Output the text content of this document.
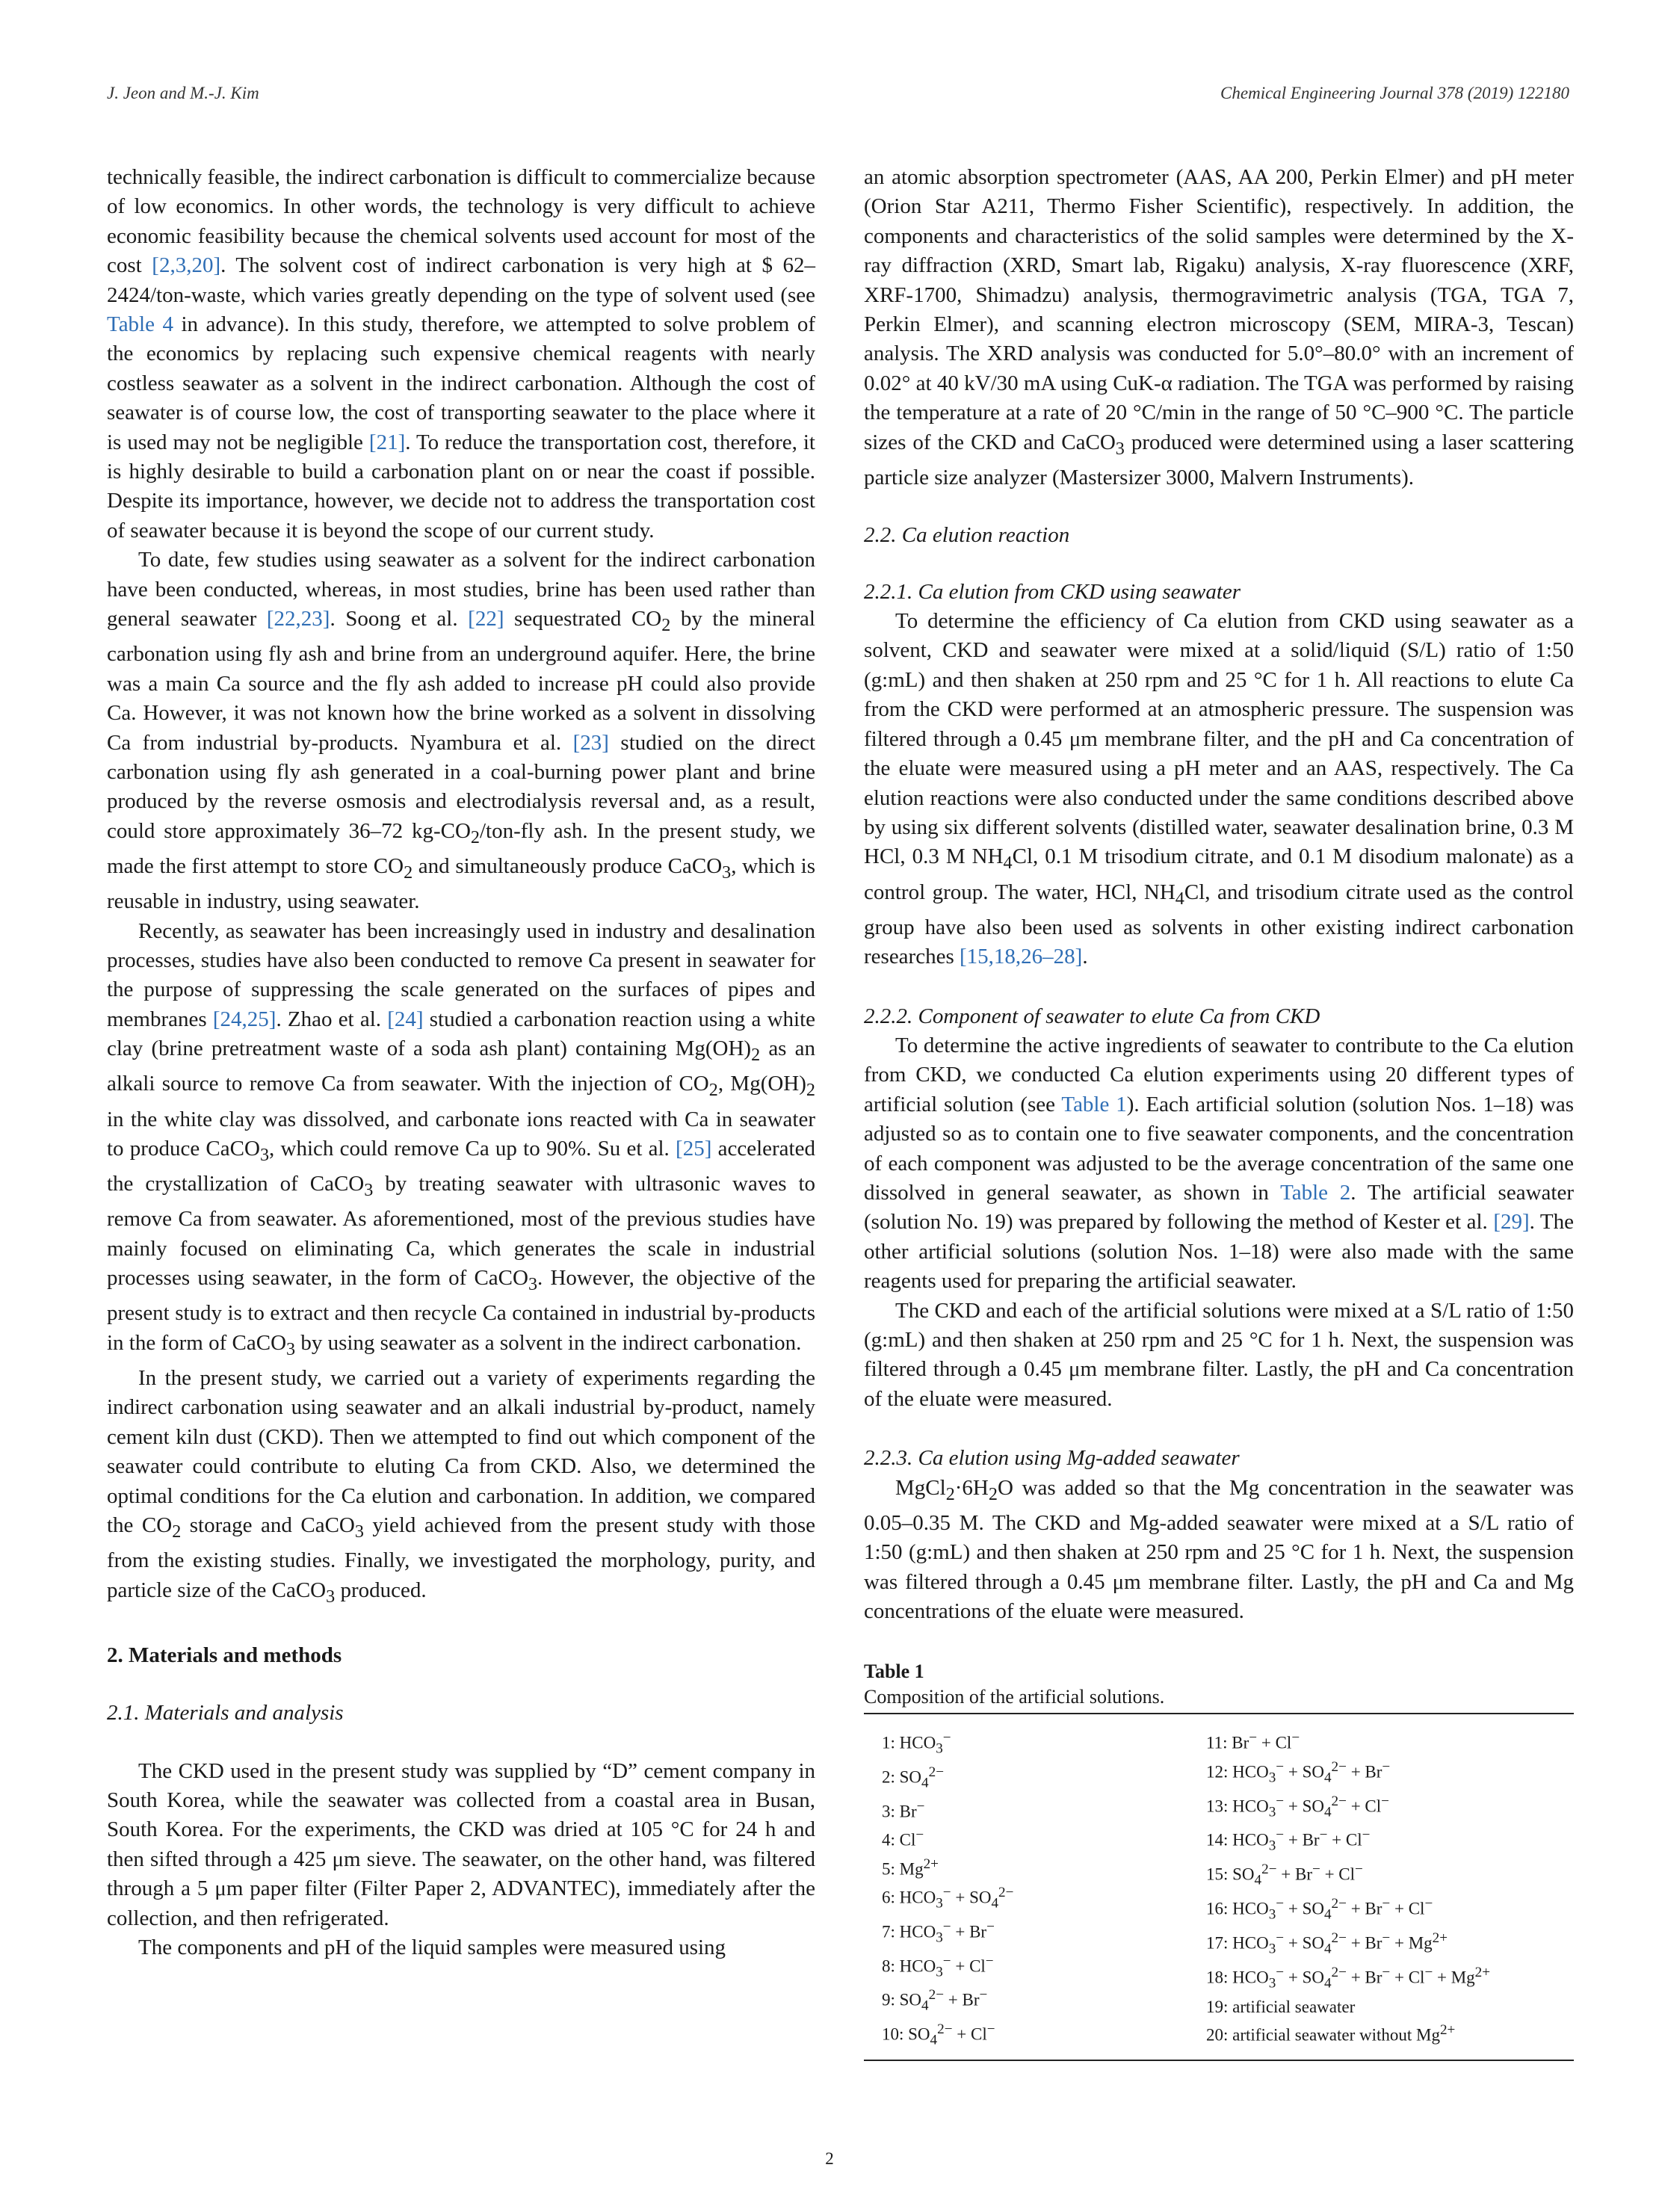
J. Jeon and M.-J. Kim	Chemical Engineering Journal 378 (2019) 122180

technically feasible, the indirect carbonation is difficult to commercialize because of low economics. In other words, the technology is very difficult to achieve economic feasibility because the chemical solvents used account for most of the cost [2,3,20]. The solvent cost of indirect carbonation is very high at $ 62–2424/ton-waste, which varies greatly depending on the type of solvent used (see Table 4 in advance). In this study, therefore, we attempted to solve problem of the economics by replacing such expensive chemical reagents with nearly costless seawater as a solvent in the indirect carbonation. Although the cost of seawater is of course low, the cost of transporting seawater to the place where it is used may not be negligible [21]. To reduce the transportation cost, therefore, it is highly desirable to build a carbonation plant on or near the coast if possible. Despite its importance, however, we decide not to address the transportation cost of seawater because it is beyond the scope of our current study.

To date, few studies using seawater as a solvent for the indirect carbonation have been conducted, whereas, in most studies, brine has been used rather than general seawater [22,23]. Soong et al. [22] sequestrated $CO_2$ by the mineral carbonation using fly ash and brine from an underground aquifer. Here, the brine was a main Ca source and the fly ash added to increase pH could also provide Ca. However, it was not known how the brine worked as a solvent in dissolving Ca from industrial by-products. Nyambura et al. [23] studied on the direct carbonation using fly ash generated in a coal-burning power plant and brine produced by the reverse osmosis and electrodialysis reversal and, as a result, could store approximately 36–72 $kg-CO_2/ton$-fly ash. In the present study, we made the first attempt to store $CO_2$ and simultaneously produce CaCO$_3$, which is reusable in industry, using seawater.

Recently, as seawater has been increasingly used in industry and desalination processes, studies have also been conducted to remove Ca present in seawater for the purpose of suppressing the scale generated on the surfaces of pipes and membranes [24,25]. Zhao et al. [24] studied a carbonation reaction using a white clay (brine pretreatment waste of a soda ash plant) containing $Mg(OH)_2$ as an alkali source to remove Ca from seawater. With the injection of $CO_2$, $Mg(OH)_2$ in the white clay was dissolved, and carbonate ions reacted with Ca in seawater to produce CaCO$_3$, which could remove Ca up to 90%. Su et al. [25] accelerated the crystallization of CaCO$_3$ by treating seawater with ultrasonic waves to remove Ca from seawater. As aforementioned, most of the previous studies have mainly focused on eliminating Ca, which generates the scale in industrial processes using seawater, in the form of CaCO$_3$. However, the objective of the present study is to extract and then recycle Ca contained in industrial by-products in the form of CaCO$_3$ by using seawater as a solvent in the indirect carbonation.

In the present study, we carried out a variety of experiments regarding the indirect carbonation using seawater and an alkali industrial by-product, namely cement kiln dust (CKD). Then we attempted to find out which component of the seawater could contribute to eluting Ca from CKD. Also, we determined the optimal conditions for the Ca elution and carbonation. In addition, we compared the $CO_2$ storage and CaCO$_3$ yield achieved from the present study with those from the existing studies. Finally, we investigated the morphology, purity, and particle size of the CaCO$_3$ produced.

2. Materials and methods
2.1. Materials and analysis

The CKD used in the present study was supplied by “D” cement company in South Korea, while the seawater was collected from a coastal area in Busan, South Korea. For the experiments, the CKD was dried at 105 °C for 24 h and then sifted through a 425 μm sieve. The seawater, on the other hand, was filtered through a 5 μm paper filter (Filter Paper 2, ADVANTEC), immediately after the collection, and then refrigerated.

The components and pH of the liquid samples were measured using

an atomic absorption spectrometer (AAS, AA 200, Perkin Elmer) and pH meter (Orion Star A211, Thermo Fisher Scientific), respectively. In addition, the components and characteristics of the solid samples were determined by the X-ray diffraction (XRD, Smart lab, Rigaku) analysis, X-ray fluorescence (XRF, XRF-1700, Shimadzu) analysis, thermogravimetric analysis (TGA, TGA 7, Perkin Elmer), and scanning electron microscopy (SEM, MIRA-3, Tescan) analysis. The XRD analysis was conducted for 5.0°–80.0° with an increment of 0.02° at 40 kV/30 mA using CuK-α radiation. The TGA was performed by raising the temperature at a rate of 20 °C/min in the range of 50 °C–900 °C. The particle sizes of the CKD and CaCO$_3$ produced were determined using a laser scattering particle size analyzer (Mastersizer 3000, Malvern Instruments).

2.2. Ca elution reaction
2.2.1. Ca elution from CKD using seawater

To determine the efficiency of Ca elution from CKD using seawater as a solvent, CKD and seawater were mixed at a solid/liquid (S/L) ratio of 1:50 (g:mL) and then shaken at 250 rpm and 25 °C for 1 h. All reactions to elute Ca from the CKD were performed at an atmospheric pressure. The suspension was filtered through a 0.45 μm membrane filter, and the pH and Ca concentration of the eluate were measured using a pH meter and an AAS, respectively. The Ca elution reactions were also conducted under the same conditions described above by using six different solvents (distilled water, seawater desalination brine, 0.3 M HCl, 0.3 M $NH_4Cl$, 0.1 M trisodium citrate, and 0.1 M disodium malonate) as a control group. The water, HCl, $NH_4Cl$, and trisodium citrate used as the control group have also been used as solvents in other existing indirect carbonation researches [15,18,26–28].

2.2.2. Component of seawater to elute Ca from CKD

To determine the active ingredients of seawater to contribute to the Ca elution from CKD, we conducted Ca elution experiments using 20 different types of artificial solution (see Table 1). Each artificial solution (solution Nos. 1–18) was adjusted so as to contain one to five seawater components, and the concentration of each component was adjusted to be the average concentration of the same one dissolved in general seawater, as shown in Table 2. The artificial seawater (solution No. 19) was prepared by following the method of Kester et al. [29]. The other artificial solutions (solution Nos. 1–18) were also made with the same reagents used for preparing the artificial seawater.

The CKD and each of the artificial solutions were mixed at a S/L ratio of 1:50 (g:mL) and then shaken at 250 rpm and 25 °C for 1 h. Next, the suspension was filtered through a 0.45 μm membrane filter. Lastly, the pH and Ca concentration of the eluate were measured.

2.2.3. Ca elution using Mg-added seawater

$MgCl_2\cdot 6H_2O$ was added so that the Mg concentration in the seawater was 0.05–0.35 M. The CKD and Mg-added seawater were mixed at a S/L ratio of 1:50 (g:mL) and then shaken at 250 rpm and 25 °C for 1 h. Next, the suspension was filtered through a 0.45 μm membrane filter. Lastly, the pH and Ca and Mg concentrations of the eluate were measured.

Table 1
Composition of the artificial solutions.
1: $HCO_3^-$
2: $SO_4^{2-}$
3: Br−
4: Cl−
5: $Mg^{2+}$
6: $HCO_3^- + SO_4^{2-}$
7: $HCO_3^- + Br^-$
8: $HCO_3^- + Cl^-$
9: $SO_4^{2-} + Br^-$
10: $SO_4^{2-} + Cl^-$
11: Br− + Cl−
12: $HCO_3^- + SO_4^{2-} + Br^-$
13: $HCO_3^- + SO_4^{2-} + Cl^-$
14: $HCO_3^- + Br^- + Cl^-$
15: $SO_4^{2-} + Br^- + Cl^-$
16: $HCO_3^- + SO_4^{2-} + Br^- + Cl^-$
17: $HCO_3^- + SO_4^{2-} + Br^- + Mg^{2+}$
18: $HCO_3^- + SO_4^{2-} + Br^- + Cl^- + Mg^{2+}$
19: artificial seawater
20: artificial seawater without $Mg^{2+}$
2
